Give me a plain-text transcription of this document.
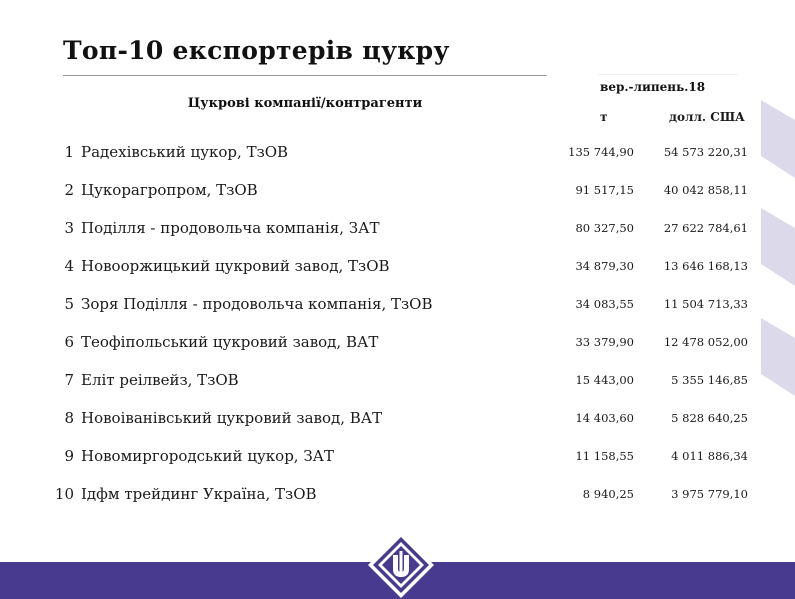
Топ-10 експортерів цукру
Цукрові компанії/контрагенти
вер.-липень.18
т	долл. США
1 Радехівський цукор, ТзОВ	135 744,90	54 573 220,31
2 Цукорагропром, ТзОВ	91 517,15	40 042 858,11
3 Поділля - продовольча компанія, ЗАТ	80 327,50	27 622 784,61
4 Новооржицький цукровий завод, ТзОВ	34 879,30	13 646 168,13
5 Зоря Поділля - продовольча компанія, ТзОВ	34 083,55	11 504 713,33
6 Теофіпольський цукровий завод, ВАТ	33 379,90	12 478 052,00
7 Еліт реілвейз, ТзОВ	15 443,00	5 355 146,85
8 Новоіванівський цукровий завод, ВАТ	14 403,60	5 828 640,25
9 Новомиргородський цукор, ЗАТ	11 158,55	4 011 886,34
10 Ідфм трейдинг Україна, ТзОВ	8 940,25	3 975 779,10
